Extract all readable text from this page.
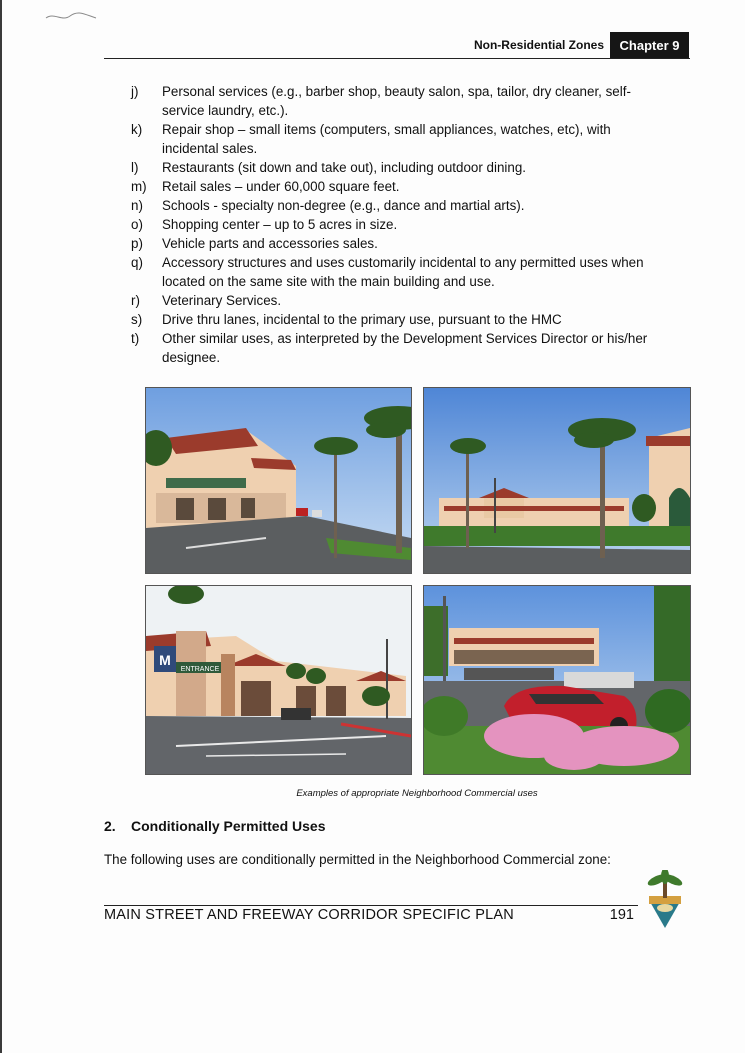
Non-Residential Zones	Chapter 9
j)	Personal services (e.g., barber shop, beauty salon, spa, tailor, dry cleaner, self-service laundry, etc.).
k)	Repair shop – small items (computers, small appliances, watches, etc), with incidental sales.
l)	Restaurants (sit down and take out), including outdoor dining.
m)	Retail sales – under 60,000 square feet.
n)	Schools - specialty non-degree (e.g., dance and martial arts).
o)	Shopping center – up to 5 acres in size.
p)	Vehicle parts and accessories sales.
q)	Accessory structures and uses customarily incidental to any permitted uses when located on the same site with the main building and use.
r)	Veterinary Services.
s)	Drive thru lanes, incidental to the primary use, pursuant to the HMC
t)	Other similar uses, as interpreted by the Development Services Director or his/her designee.
M
ENTRANCE
Examples of appropriate Neighborhood Commercial uses
2. Conditionally Permitted Uses
The following uses are conditionally permitted in the Neighborhood Commercial zone:
MAIN STREET AND FREEWAY CORRIDOR SPECIFIC PLAN	191
